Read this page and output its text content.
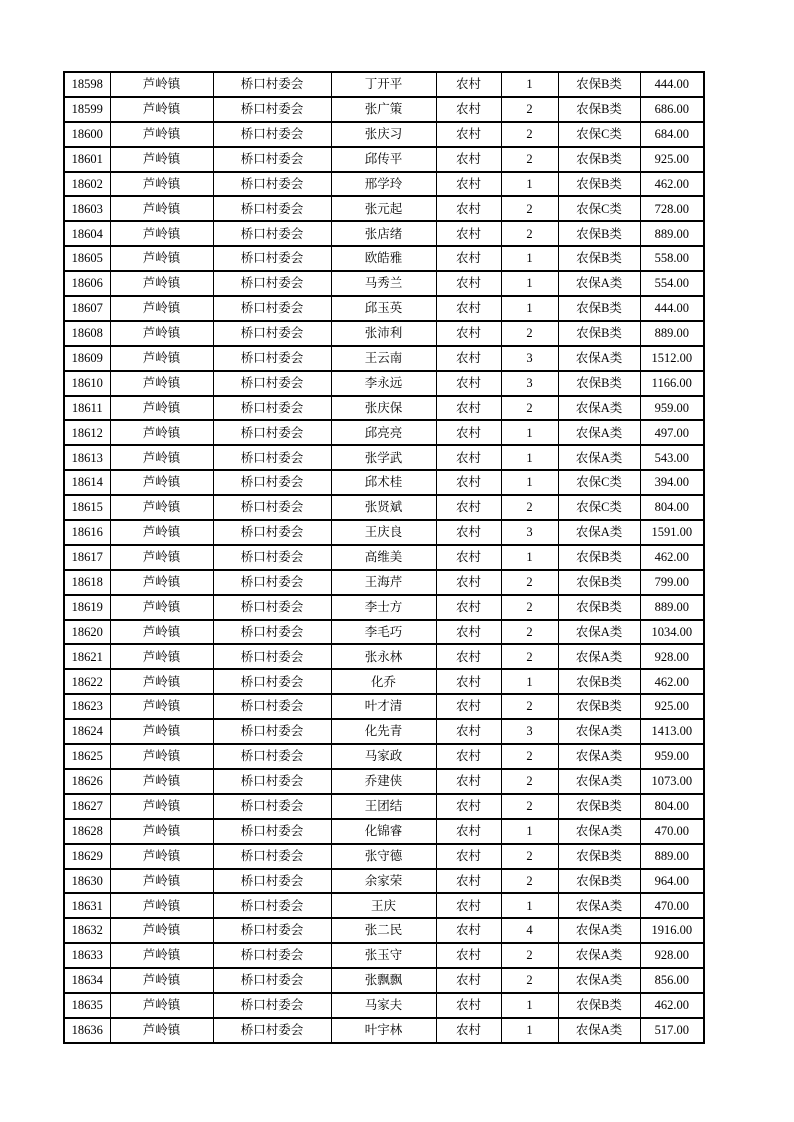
18598	芦岭镇	桥口村委会	丁开平	农村	1	农保B类	444.00
18599	芦岭镇	桥口村委会	张广策	农村	2	农保B类	686.00
18600	芦岭镇	桥口村委会	张庆习	农村	2	农保C类	684.00
18601	芦岭镇	桥口村委会	邱传平	农村	2	农保B类	925.00
18602	芦岭镇	桥口村委会	邢学玲	农村	1	农保B类	462.00
18603	芦岭镇	桥口村委会	张元起	农村	2	农保C类	728.00
18604	芦岭镇	桥口村委会	张店绪	农村	2	农保B类	889.00
18605	芦岭镇	桥口村委会	欧皓雅	农村	1	农保B类	558.00
18606	芦岭镇	桥口村委会	马秀兰	农村	1	农保A类	554.00
18607	芦岭镇	桥口村委会	邱玉英	农村	1	农保B类	444.00
18608	芦岭镇	桥口村委会	张沛利	农村	2	农保B类	889.00
18609	芦岭镇	桥口村委会	王云南	农村	3	农保A类	1512.00
18610	芦岭镇	桥口村委会	李永远	农村	3	农保B类	1166.00
18611	芦岭镇	桥口村委会	张庆保	农村	2	农保A类	959.00
18612	芦岭镇	桥口村委会	邱亮亮	农村	1	农保A类	497.00
18613	芦岭镇	桥口村委会	张学武	农村	1	农保A类	543.00
18614	芦岭镇	桥口村委会	邱术桂	农村	1	农保C类	394.00
18615	芦岭镇	桥口村委会	张贤斌	农村	2	农保C类	804.00
18616	芦岭镇	桥口村委会	王庆良	农村	3	农保A类	1591.00
18617	芦岭镇	桥口村委会	高维美	农村	1	农保B类	462.00
18618	芦岭镇	桥口村委会	王海芹	农村	2	农保B类	799.00
18619	芦岭镇	桥口村委会	李士方	农村	2	农保B类	889.00
18620	芦岭镇	桥口村委会	李毛巧	农村	2	农保A类	1034.00
18621	芦岭镇	桥口村委会	张永林	农村	2	农保A类	928.00
18622	芦岭镇	桥口村委会	化乔	农村	1	农保B类	462.00
18623	芦岭镇	桥口村委会	叶才清	农村	2	农保B类	925.00
18624	芦岭镇	桥口村委会	化先青	农村	3	农保A类	1413.00
18625	芦岭镇	桥口村委会	马家政	农村	2	农保A类	959.00
18626	芦岭镇	桥口村委会	乔建侠	农村	2	农保A类	1073.00
18627	芦岭镇	桥口村委会	王团结	农村	2	农保B类	804.00
18628	芦岭镇	桥口村委会	化锦睿	农村	1	农保A类	470.00
18629	芦岭镇	桥口村委会	张守德	农村	2	农保B类	889.00
18630	芦岭镇	桥口村委会	余家荣	农村	2	农保B类	964.00
18631	芦岭镇	桥口村委会	王庆	农村	1	农保A类	470.00
18632	芦岭镇	桥口村委会	张二民	农村	4	农保A类	1916.00
18633	芦岭镇	桥口村委会	张玉守	农村	2	农保A类	928.00
18634	芦岭镇	桥口村委会	张飘飘	农村	2	农保A类	856.00
18635	芦岭镇	桥口村委会	马家夫	农村	1	农保B类	462.00
18636	芦岭镇	桥口村委会	叶宇林	农村	1	农保A类	517.00
